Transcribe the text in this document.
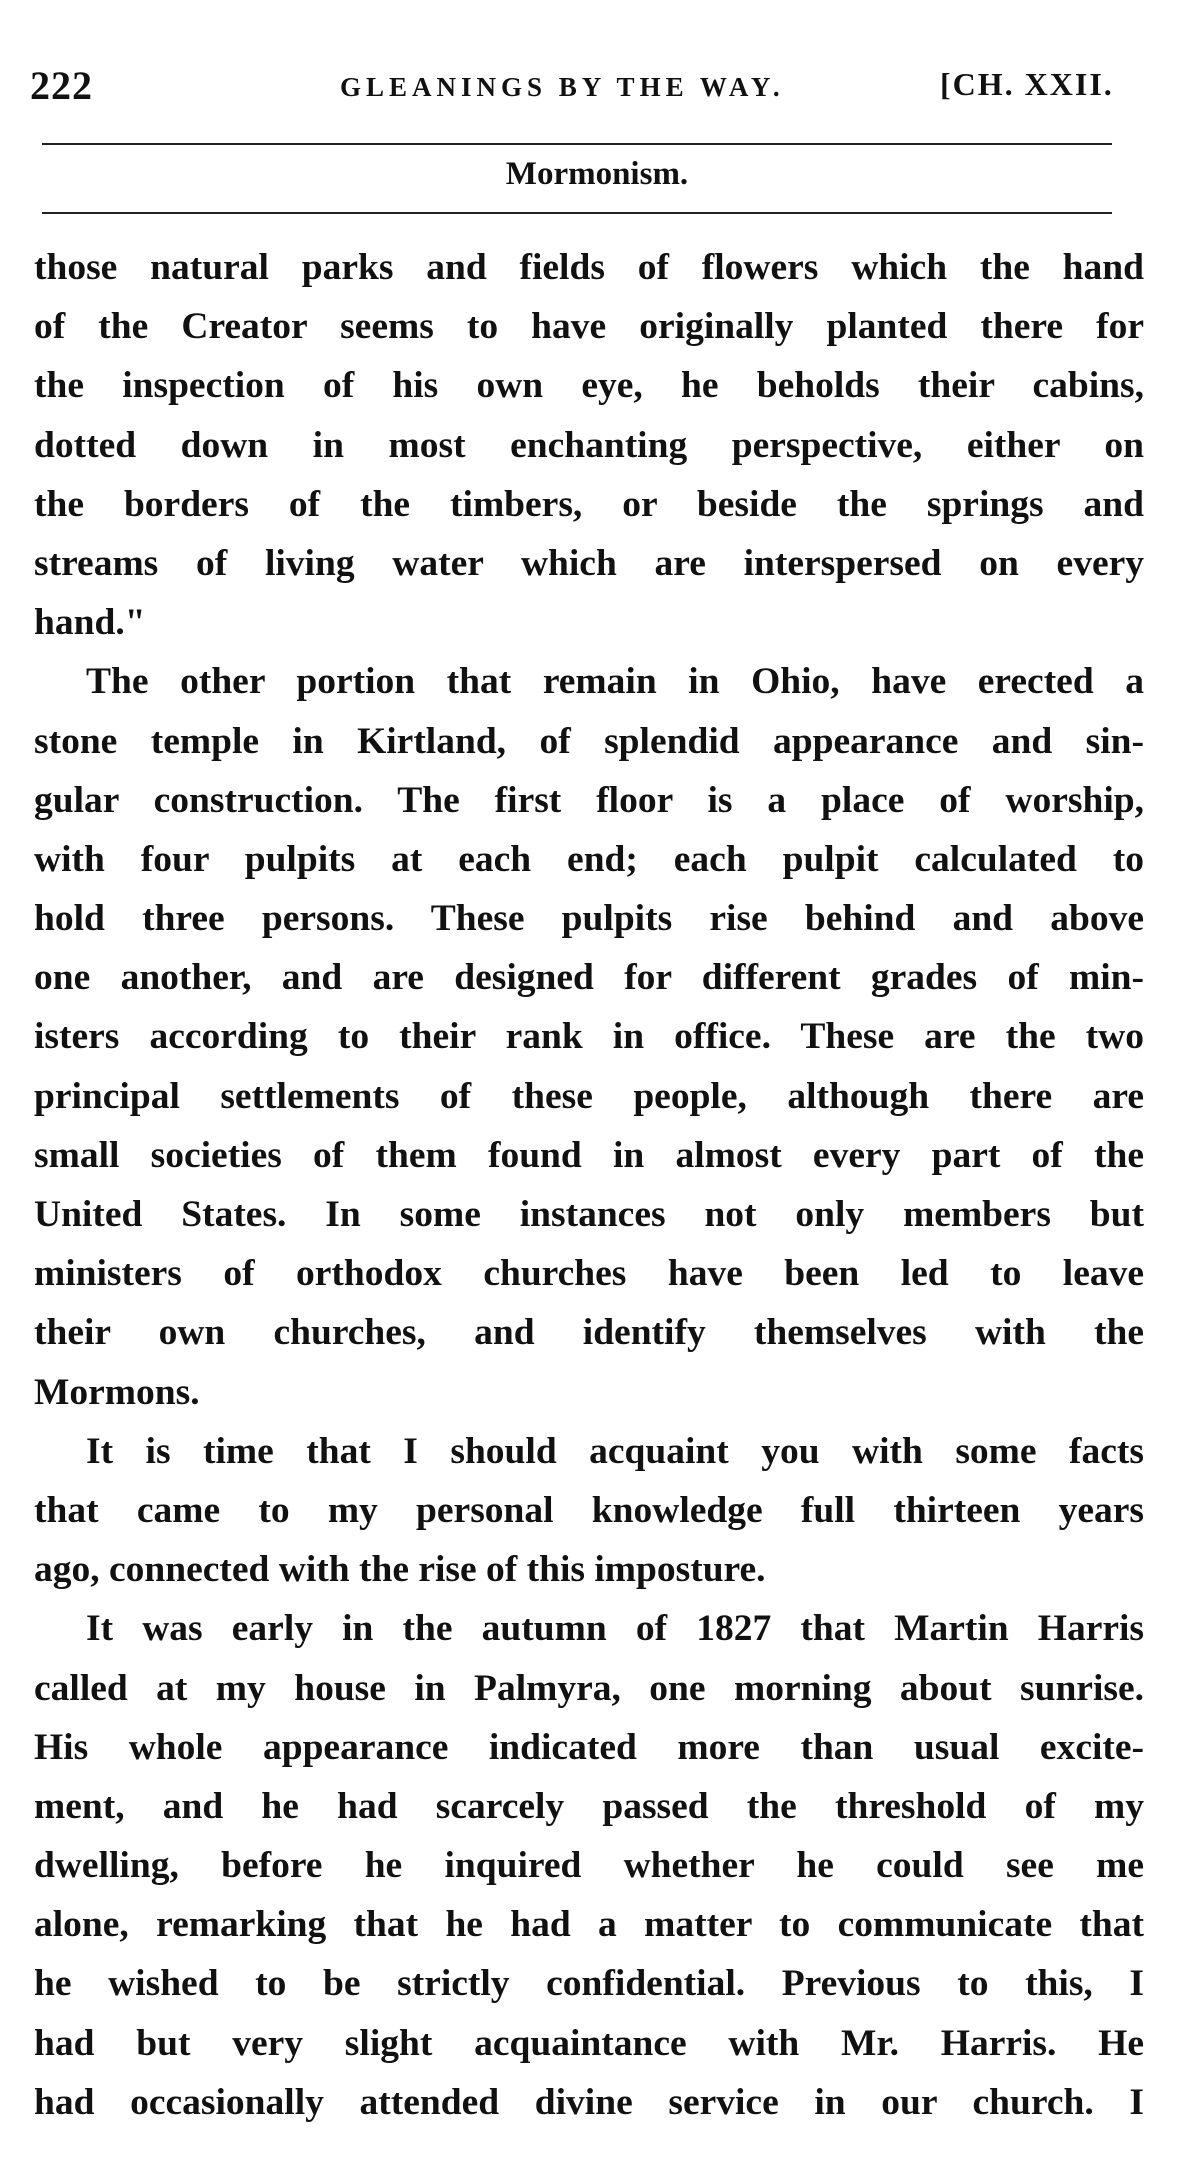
222	GLEANINGS BY THE WAY.	[CH. XXII.
Mormonism.
those natural parks and fields of flowers which the hand
of the Creator seems to have originally planted there for
the inspection of his own eye, he beholds their cabins,
dotted down in most enchanting perspective, either on
the borders of the timbers, or beside the springs and
streams of living water which are interspersed on every
hand."
The other portion that remain in Ohio, have erected a
stone temple in Kirtland, of splendid appearance and sin-
gular construction. The first floor is a place of worship,
with four pulpits at each end; each pulpit calculated to
hold three persons. These pulpits rise behind and above
one another, and are designed for different grades of min-
isters according to their rank in office. These are the two
principal settlements of these people, although there are
small societies of them found in almost every part of the
United States. In some instances not only members but
ministers of orthodox churches have been led to leave
their own churches, and identify themselves with the
Mormons.
It is time that I should acquaint you with some facts
that came to my personal knowledge full thirteen years
ago, connected with the rise of this imposture.
It was early in the autumn of 1827 that Martin Harris
called at my house in Palmyra, one morning about sunrise.
His whole appearance indicated more than usual excite-
ment, and he had scarcely passed the threshold of my
dwelling, before he inquired whether he could see me
alone, remarking that he had a matter to communicate that
he wished to be strictly confidential. Previous to this, I
had but very slight acquaintance with Mr. Harris. He
had occasionally attended divine service in our church. I
